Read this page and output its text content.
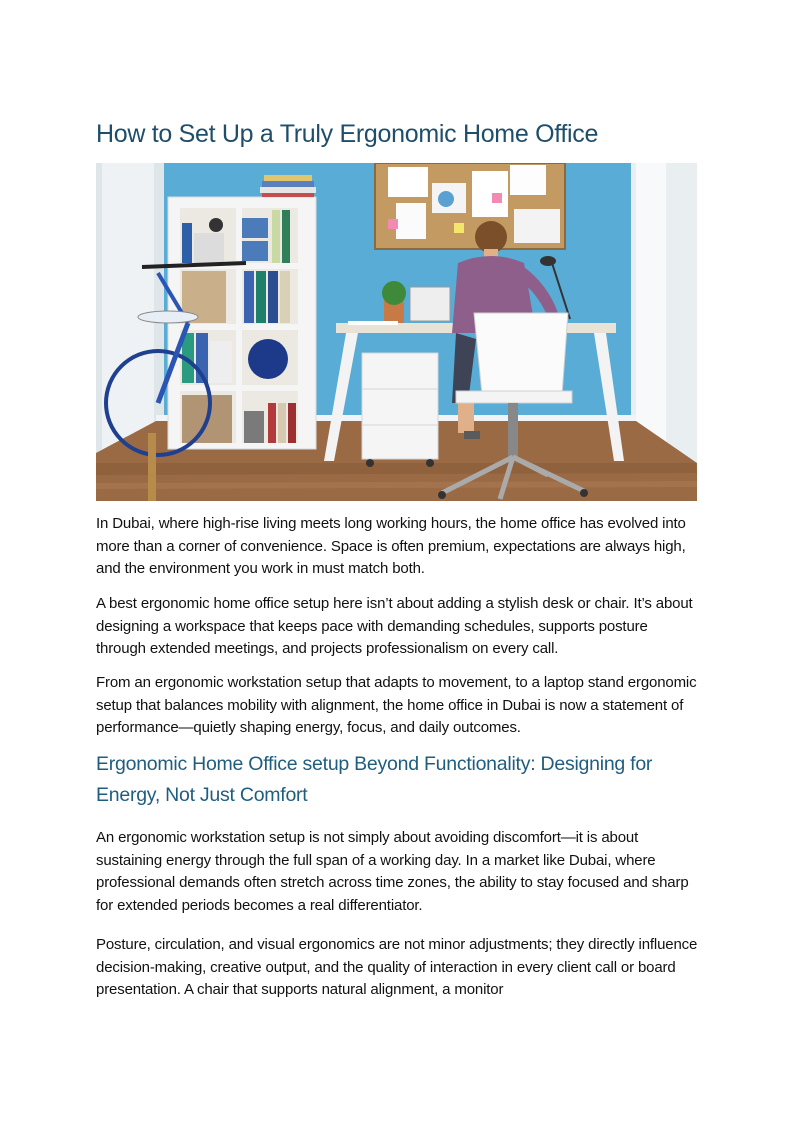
How to Set Up a Truly Ergonomic Home Office

In Dubai, where high-rise living meets long working hours, the home office has evolved into more than a corner of convenience. Space is often premium, expectations are always high, and the environment you work in must match both.

A best ergonomic home office setup here isn’t about adding a stylish desk or chair. It’s about designing a workspace that keeps pace with demanding schedules, supports posture through extended meetings, and projects professionalism on every call.

From an ergonomic workstation setup that adapts to movement, to a laptop stand ergonomic setup that balances mobility with alignment, the home office in Dubai is now a statement of performance—quietly shaping energy, focus, and daily outcomes.

Ergonomic Home Office setup Beyond Functionality: Designing for Energy, Not Just Comfort

An ergonomic workstation setup is not simply about avoiding discomfort—it is about sustaining energy through the full span of a working day. In a market like Dubai, where professional demands often stretch across time zones, the ability to stay focused and sharp for extended periods becomes a real differentiator.

Posture, circulation, and visual ergonomics are not minor adjustments; they directly influence decision-making, creative output, and the quality of interaction in every client call or board presentation. A chair that supports natural alignment, a monitor
